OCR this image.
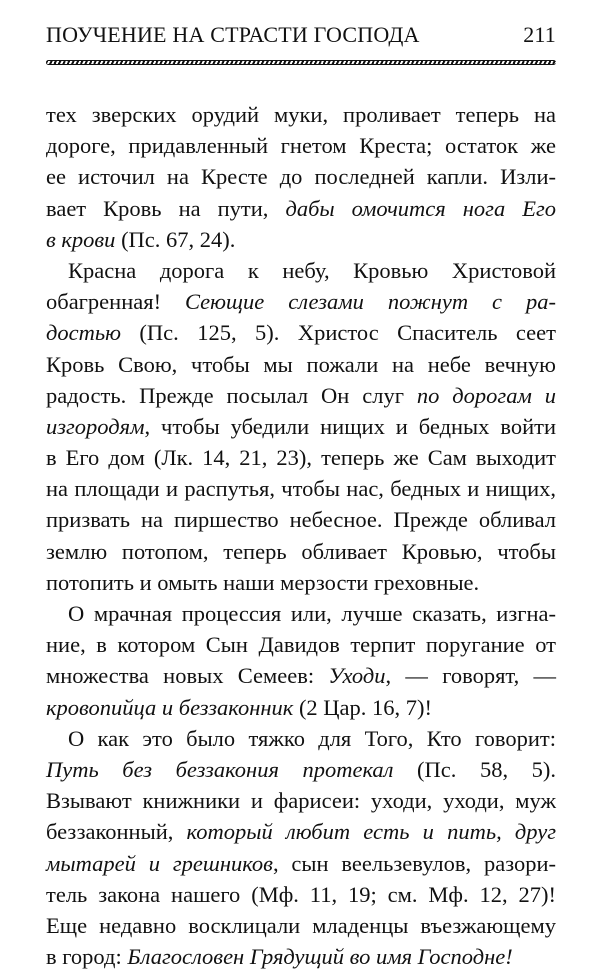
ПОУЧЕНИЕ НА СТРАСТИ ГОСПОДА	211
тех зверских орудий муки, проливает теперь на
дороге, придавленный гнетом Креста; остаток же
ее источил на Кресте до последней капли. Изли-
вает Кровь на пути, дабы омочится нога Его
в крови (Пс. 67, 24).
Красна дорога к небу, Кровью Христовой
обагренная! Сеющие слезами пожнут с ра-
достью (Пс. 125, 5). Христос Спаситель сеет
Кровь Свою, чтобы мы пожали на небе вечную
радость. Прежде посылал Он слуг по дорогам и
изгородям, чтобы убедили нищих и бедных войти
в Его дом (Лк. 14, 21, 23), теперь же Сам выходит
на площади и распутья, чтобы нас, бедных и нищих,
призвать на пиршество небесное. Прежде обливал
землю потопом, теперь обливает Кровью, чтобы
потопить и омыть наши мерзости греховные.
О мрачная процессия или, лучше сказать, изгна-
ние, в котором Сын Давидов терпит поругание от
множества новых Семеев: Уходи, — говорят, —
кровопийца и беззаконник (2 Цар. 16, 7)!
О как это было тяжко для Того, Кто говорит:
Путь без беззакония протекал (Пс. 58, 5).
Взывают книжники и фарисеи: уходи, уходи, муж
беззаконный, который любит есть и пить, друг
мытарей и грешников, сын веельзевулов, разори-
тель закона нашего (Мф. 11, 19; см. Мф. 12, 27)!
Еще недавно восклицали младенцы въезжающему
в город: Благословен Грядущий во имя Господне!
